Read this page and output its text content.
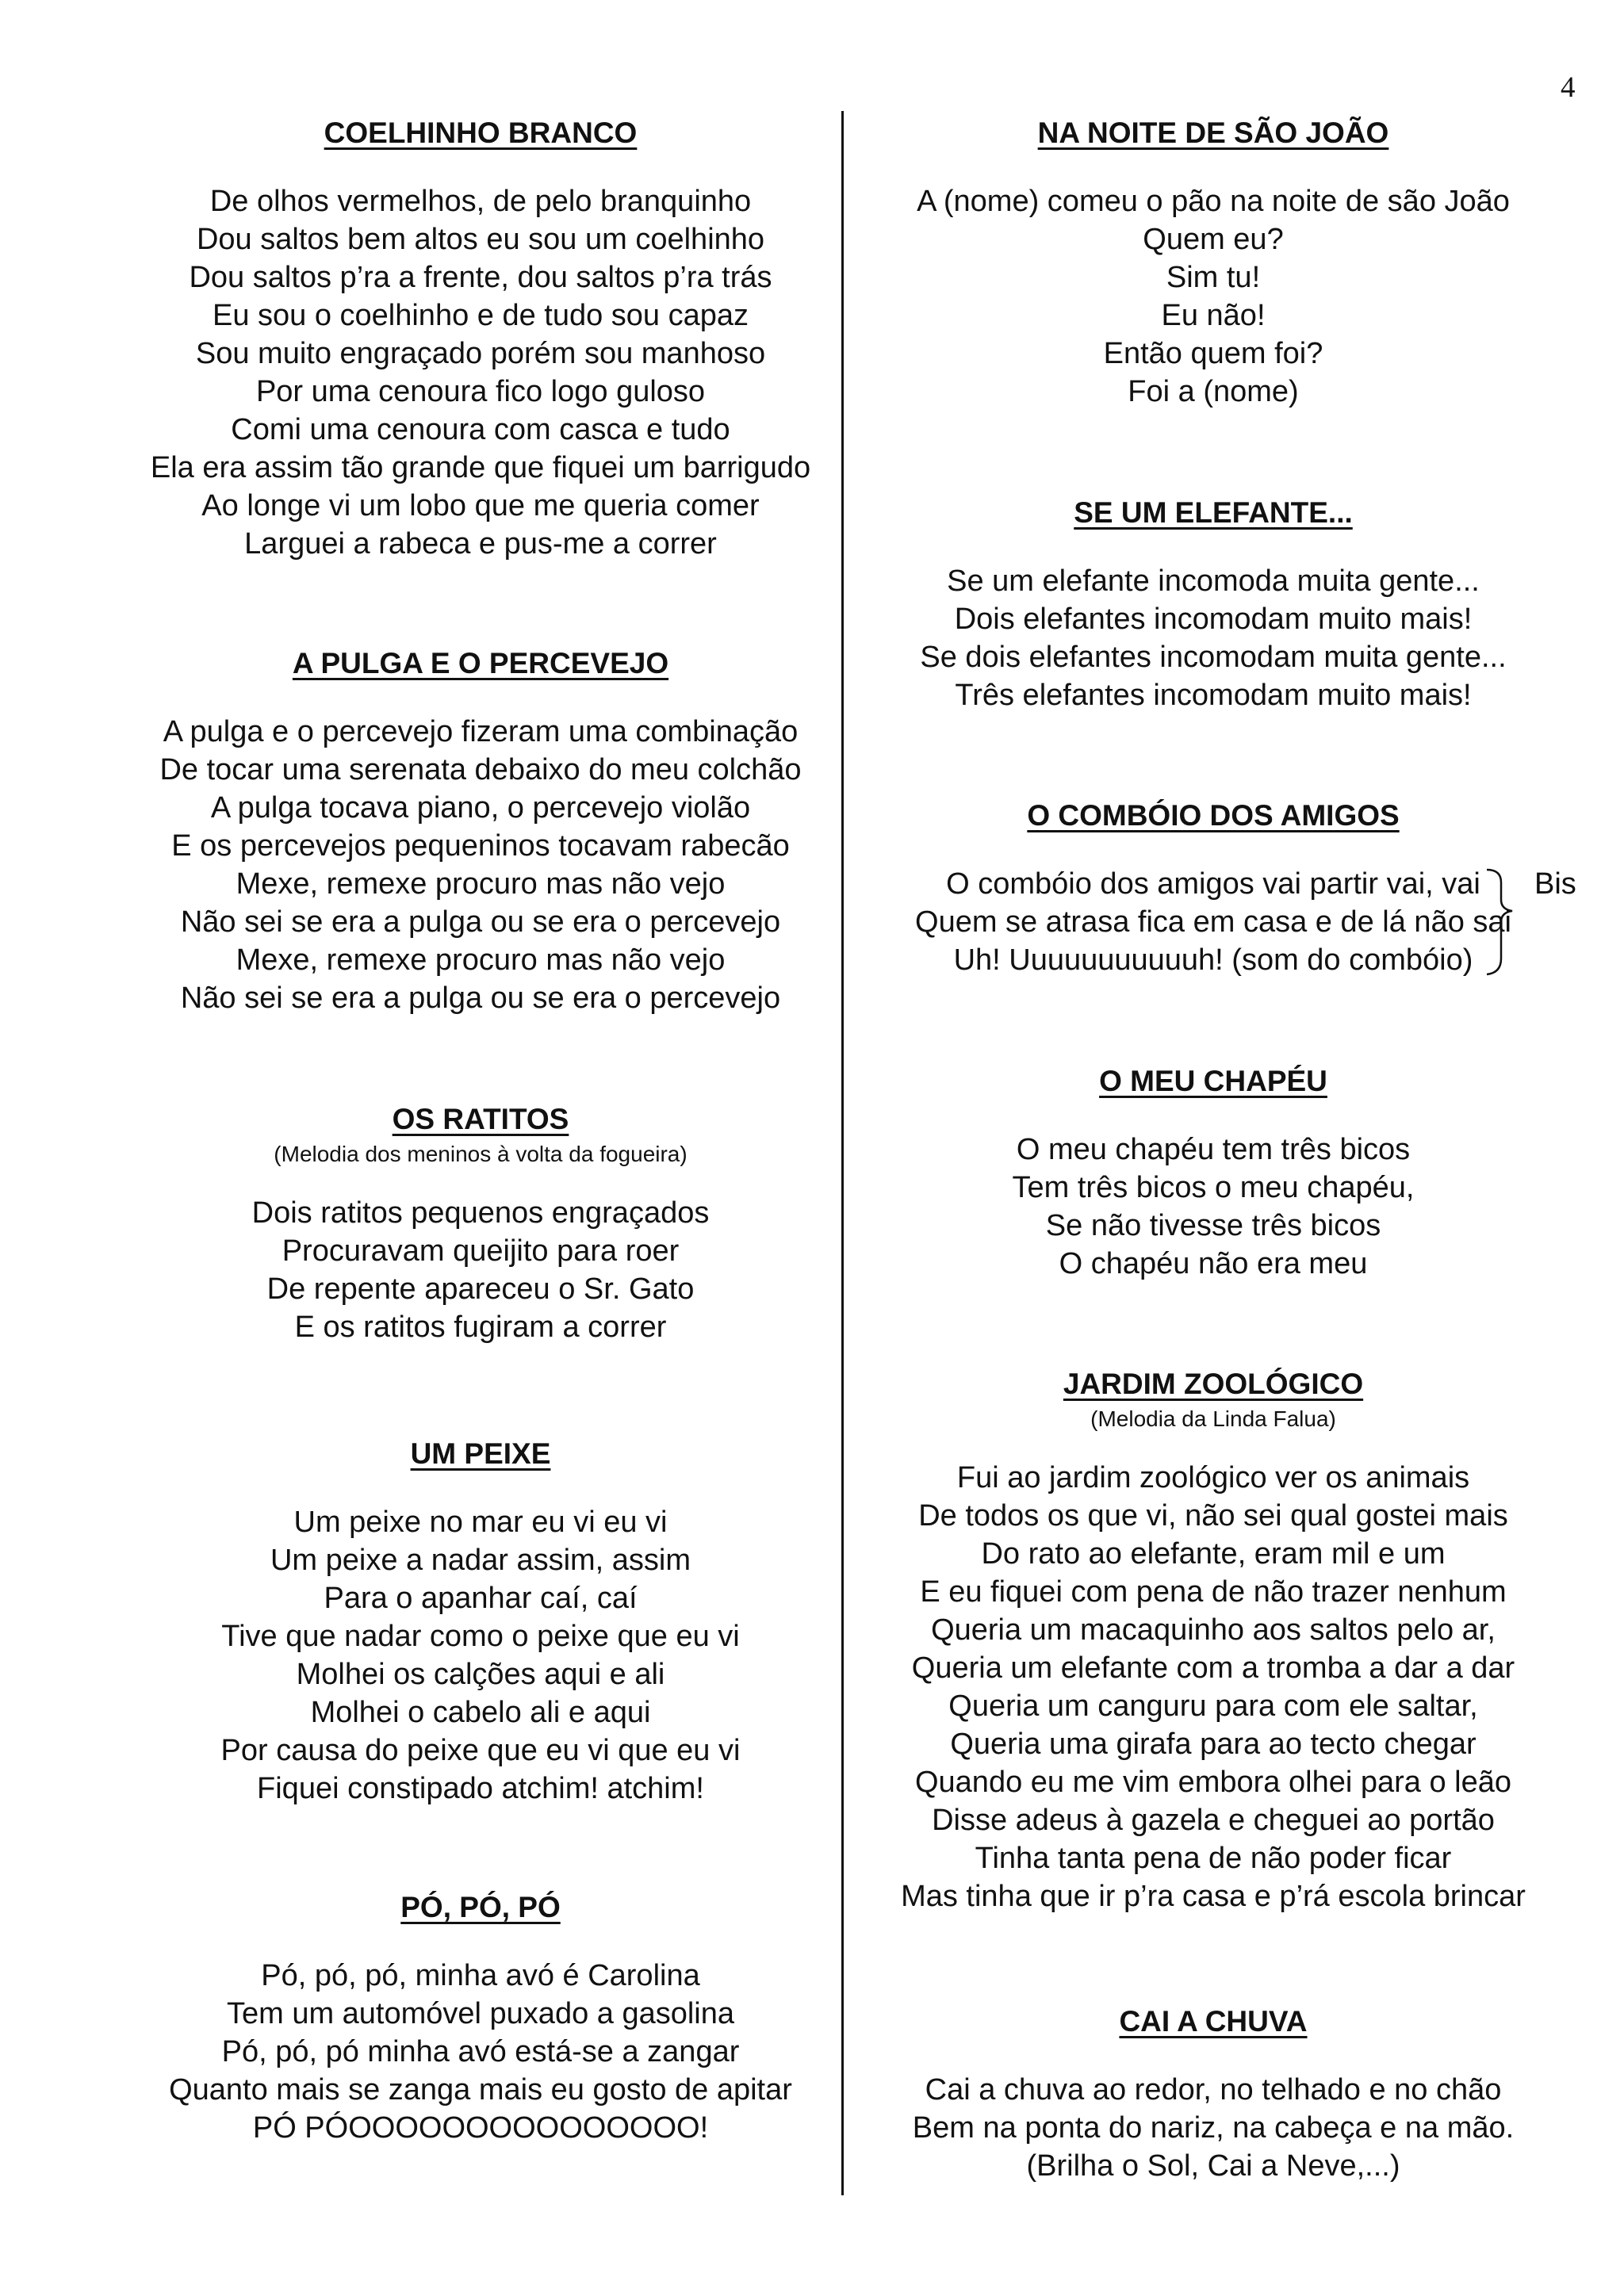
4
COELHINHO BRANCO
De olhos vermelhos, de pelo branquinho
Dou saltos bem altos eu sou um coelhinho
Dou saltos p’ra a frente, dou saltos p’ra trás
Eu sou o coelhinho e de tudo sou capaz
Sou muito engraçado porém sou manhoso
Por uma cenoura fico logo guloso
Comi uma cenoura com casca e tudo
Ela era assim tão grande que fiquei um barrigudo
Ao longe vi um lobo que me queria comer
Larguei a rabeca e pus-me a correr
A PULGA E O PERCEVEJO
A pulga e o percevejo fizeram uma combinação
De tocar uma serenata debaixo do meu colchão
A pulga tocava piano, o percevejo violão
E os percevejos pequeninos tocavam rabecão
Mexe, remexe procuro mas não vejo
Não sei se era a pulga ou se era o percevejo
Mexe, remexe procuro mas não vejo
Não sei se era a pulga ou se era o percevejo
OS RATITOS
(Melodia dos meninos à volta da fogueira)
Dois ratitos pequenos engraçados
Procuravam queijito para roer
De repente apareceu o Sr. Gato
E os ratitos fugiram a correr
UM PEIXE
Um peixe no mar eu vi eu vi
Um peixe a nadar assim, assim
Para o apanhar caí, caí
Tive que nadar como o peixe que eu vi
Molhei os calções aqui e ali
Molhei o cabelo ali e aqui
Por causa do peixe que eu vi que eu vi
Fiquei constipado atchim! atchim!
PÓ, PÓ, PÓ
Pó, pó, pó, minha avó é Carolina
Tem um automóvel puxado a gasolina
Pó, pó, pó minha avó está-se a zangar
Quanto mais se zanga mais eu gosto de apitar
PÓ PÓOOOOOOOOOOOOOOO!
NA NOITE DE SÃO JOÃO
A (nome) comeu o pão na noite de são João
Quem eu?
Sim tu!
Eu não!
Então quem foi?
Foi a (nome)
SE UM ELEFANTE...
Se um elefante incomoda muita gente...
Dois elefantes incomodam muito mais!
Se dois elefantes incomodam muita gente...
Três elefantes incomodam muito mais!
O COMBÓIO DOS AMIGOS
O combóio dos amigos vai partir vai, vai
Quem se atrasa fica em casa e de lá não sai
Uh! Uuuuuuuuuuuh! (som do combóio)
Bis
O MEU CHAPÉU
O meu chapéu tem três bicos
Tem três bicos o meu chapéu,
Se não tivesse três bicos
O chapéu não era meu
JARDIM ZOOLÓGICO
(Melodia da Linda Falua)
Fui ao jardim zoológico ver os animais
De todos os que vi, não sei qual gostei mais
Do rato ao elefante, eram mil e um
E eu fiquei com pena de não trazer nenhum
Queria um macaquinho aos saltos pelo ar,
Queria um elefante com a tromba a dar a dar
Queria um canguru para com ele saltar,
Queria uma girafa para ao tecto chegar
Quando eu me vim embora olhei para o leão
Disse adeus à gazela e cheguei ao portão
Tinha tanta pena de não poder ficar
Mas tinha que ir p’ra casa e p’rá escola brincar
CAI A CHUVA
Cai a chuva ao redor, no telhado e no chão
Bem na ponta do nariz, na cabeça e na mão.
(Brilha o Sol, Cai a Neve,...)
